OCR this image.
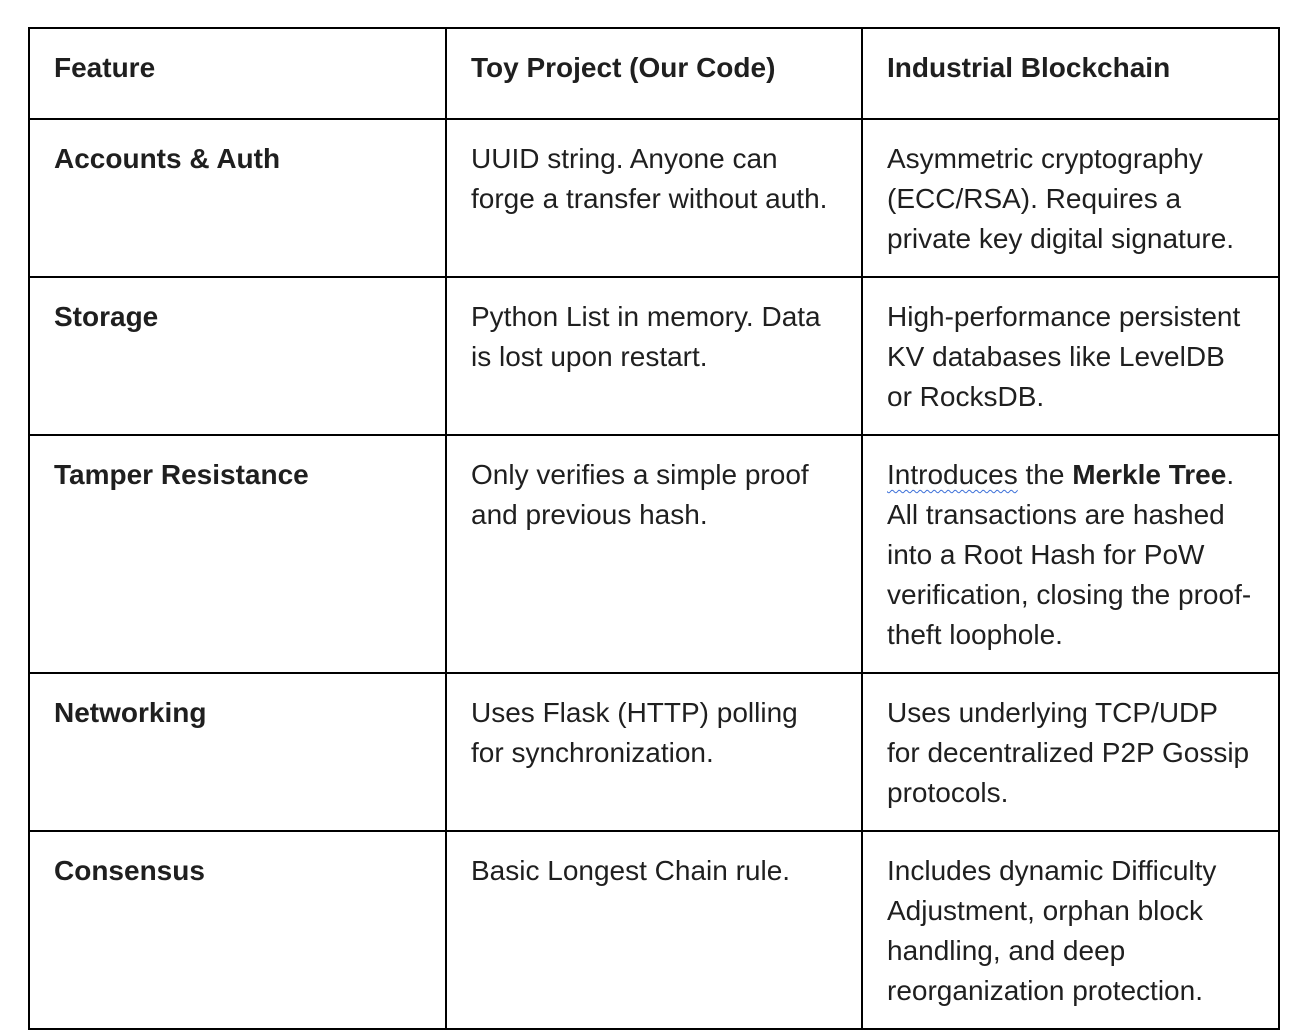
Feature	Toy Project (Our Code)	Industrial Blockchain
Accounts & Auth	UUID string. Anyone can forge a transfer without auth.	Asymmetric cryptography (ECC/RSA). Requires a private key digital signature.
Storage	Python List in memory. Data is lost upon restart.	High-performance persistent KV databases like LevelDB or RocksDB.
Tamper Resistance	Only verifies a simple proof and previous hash.	Introduces the Merkle Tree. All transactions are hashed into a Root Hash for PoW verification, closing the proof-theft loophole.
Networking	Uses Flask (HTTP) polling for synchronization.	Uses underlying TCP/UDP for decentralized P2P Gossip protocols.
Consensus	Basic Longest Chain rule.	Includes dynamic Difficulty Adjustment, orphan block handling, and deep reorganization protection.
